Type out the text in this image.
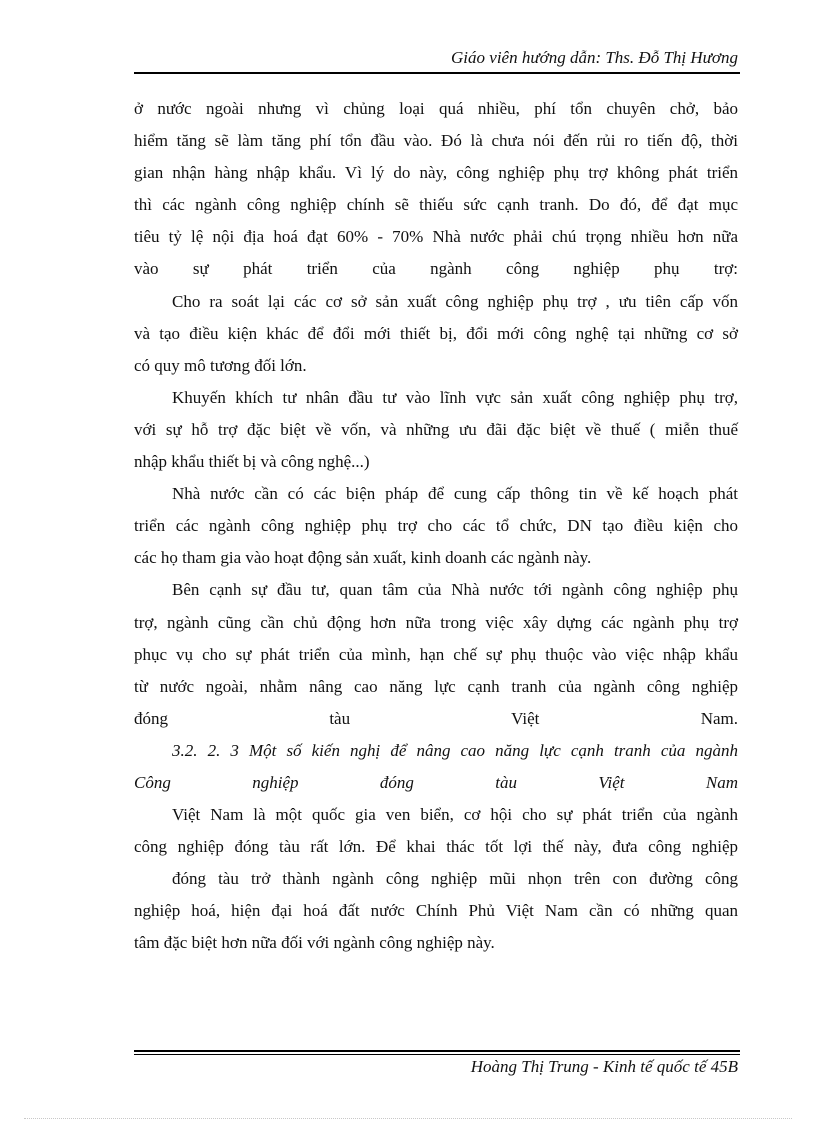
Giáo viên hướng dẫn: Ths. Đỗ Thị Hương
ở nước ngoài nhưng vì chủng loại quá nhiều, phí tổn chuyên chở, bảo
hiểm tăng sẽ làm tăng phí tổn đầu vào. Đó là chưa nói đến rủi ro tiến độ, thời
gian nhận hàng nhập khẩu. Vì lý do này, công nghiệp phụ trợ không phát triển
thì các ngành công nghiệp chính sẽ thiếu sức cạnh tranh. Do đó, để đạt mục
tiêu tỷ lệ nội địa hoá đạt 60% - 70% Nhà nước phải chú trọng nhiều hơn nữa
vào sự phát triển của ngành công nghiệp phụ trợ:
Cho ra soát lại các cơ sở sản xuất công nghiệp phụ trợ , ưu tiên cấp vốn
và tạo điều kiện khác để đổi mới thiết bị, đổi mới công nghệ tại những cơ sở
có quy mô tương đối lớn.
Khuyến khích tư nhân đầu tư vào lĩnh vực sản xuất công nghiệp phụ trợ,
với sự hỗ trợ đặc biệt về vốn, và những ưu đãi đặc biệt về thuế ( miễn thuế
nhập khẩu thiết bị và công nghệ...)
Nhà nước cần có các biện pháp để cung cấp thông tin về kế hoạch phát
triển các ngành công nghiệp phụ trợ cho các tổ chức, DN tạo điều kiện cho
các họ tham gia vào hoạt động sản xuất, kinh doanh các ngành này.
Bên cạnh sự đầu tư, quan tâm của Nhà nước tới ngành công nghiệp phụ
trợ, ngành cũng cần chủ động hơn nữa trong việc xây dựng các ngành phụ trợ
phục vụ cho sự phát triển của mình, hạn chế sự phụ thuộc vào việc nhập khẩu
từ nước ngoài, nhằm nâng cao năng lực cạnh tranh của ngành công nghiệp
đóng tàu Việt Nam.
3.2. 2. 3 Một số kiến nghị để nâng cao năng lực cạnh tranh của ngành
Công nghiệp đóng tàu Việt Nam
Việt Nam là một quốc gia ven biển, cơ hội cho sự phát triển của ngành
công nghiệp đóng tàu rất lớn. Để khai thác tốt lợi thế này, đưa công nghiệp
đóng tàu trở thành ngành công nghiệp mũi nhọn trên con đường công
nghiệp hoá, hiện đại hoá đất nước Chính Phủ Việt Nam cần có những quan
tâm đặc biệt hơn nữa đối với ngành công nghiệp này.
Hoàng Thị Trung - Kinh tế quốc tế 45B
